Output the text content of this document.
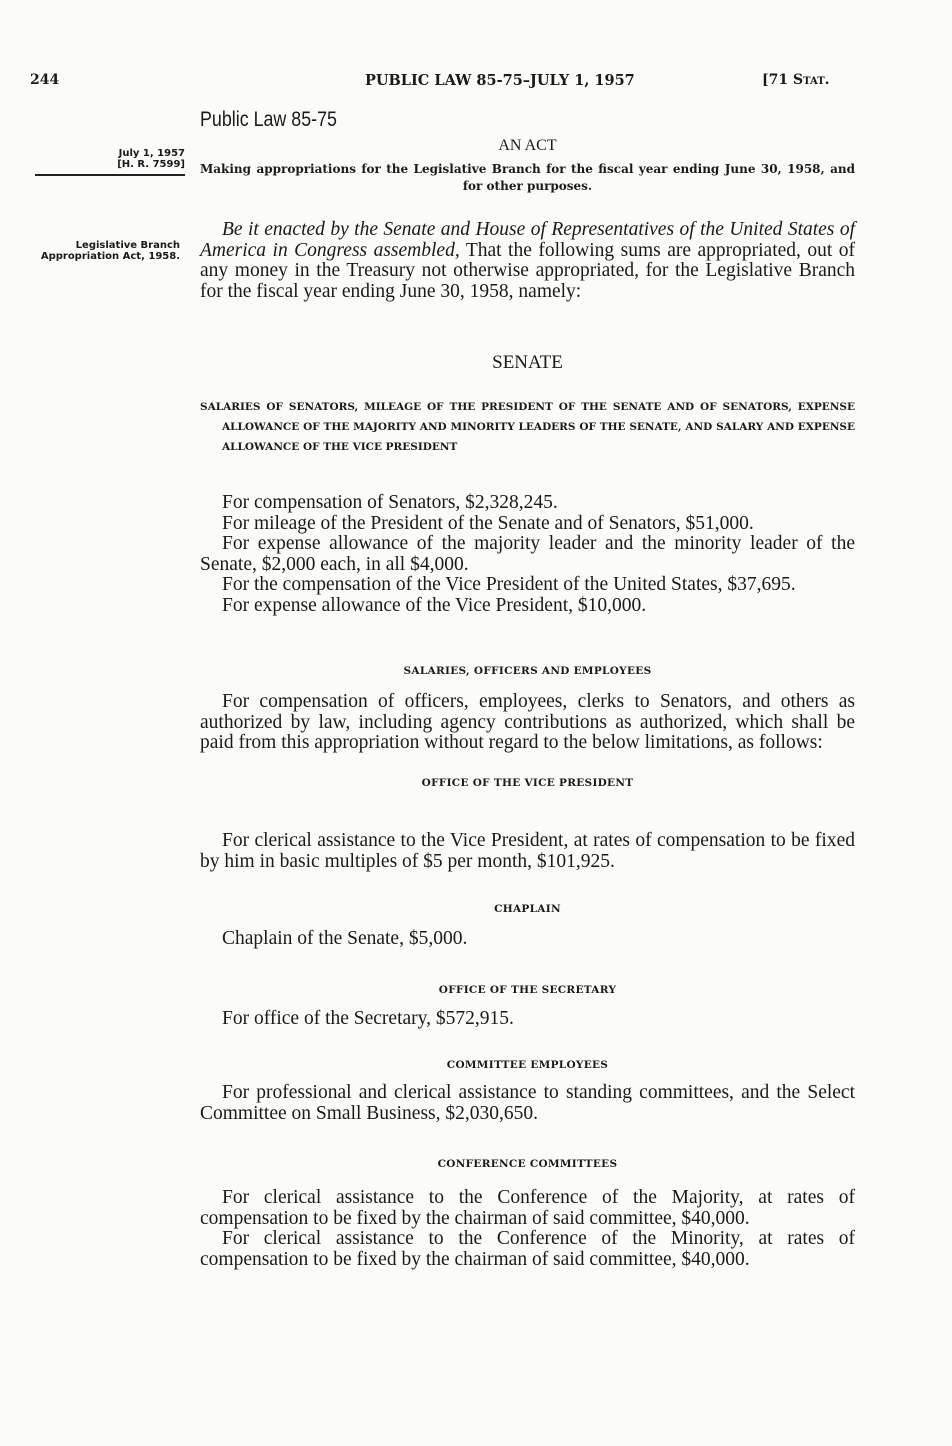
244	PUBLIC LAW 85-75–JULY 1, 1957	[71 Stat.
Public Law 85-75
AN ACT
July 1, 1957
[H. R. 7599]
Legislative Branch Appropriation Act, 1958.
Making appropriations for the Legislative Branch for the fiscal year ending June 30, 1958, and for other purposes.

Be it enacted by the Senate and House of Representatives of the United States of America in Congress assembled, That the following sums are appropriated, out of any money in the Treasury not otherwise appropriated, for the Legislative Branch for the fiscal year ending June 30, 1958, namely:

SENATE
SALARIES OF SENATORS, MILEAGE OF THE PRESIDENT OF THE SENATE AND OF SENATORS, EXPENSE ALLOWANCE OF THE MAJORITY AND MINORITY LEADERS OF THE SENATE, AND SALARY AND EXPENSE ALLOWANCE OF THE VICE PRESIDENT

For compensation of Senators, $2,328,245.

For mileage of the President of the Senate and of Senators, $51,000.

For expense allowance of the majority leader and the minority leader of the Senate, $2,000 each, in all $4,000.

For the compensation of the Vice President of the United States, $37,695.

For expense allowance of the Vice President, $10,000.

SALARIES, OFFICERS AND EMPLOYEES

For compensation of officers, employees, clerks to Senators, and others as authorized by law, including agency contributions as authorized, which shall be paid from this appropriation without regard to the below limitations, as follows:

OFFICE OF THE VICE PRESIDENT

For clerical assistance to the Vice President, at rates of compensation to be fixed by him in basic multiples of $5 per month, $101,925.

CHAPLAIN

Chaplain of the Senate, $5,000.

OFFICE OF THE SECRETARY

For office of the Secretary, $572,915.

COMMITTEE EMPLOYEES

For professional and clerical assistance to standing committees, and the Select Committee on Small Business, $2,030,650.

CONFERENCE COMMITTEES

For clerical assistance to the Conference of the Majority, at rates of compensation to be fixed by the chairman of said committee, $40,000.

For clerical assistance to the Conference of the Minority, at rates of compensation to be fixed by the chairman of said committee, $40,000.
